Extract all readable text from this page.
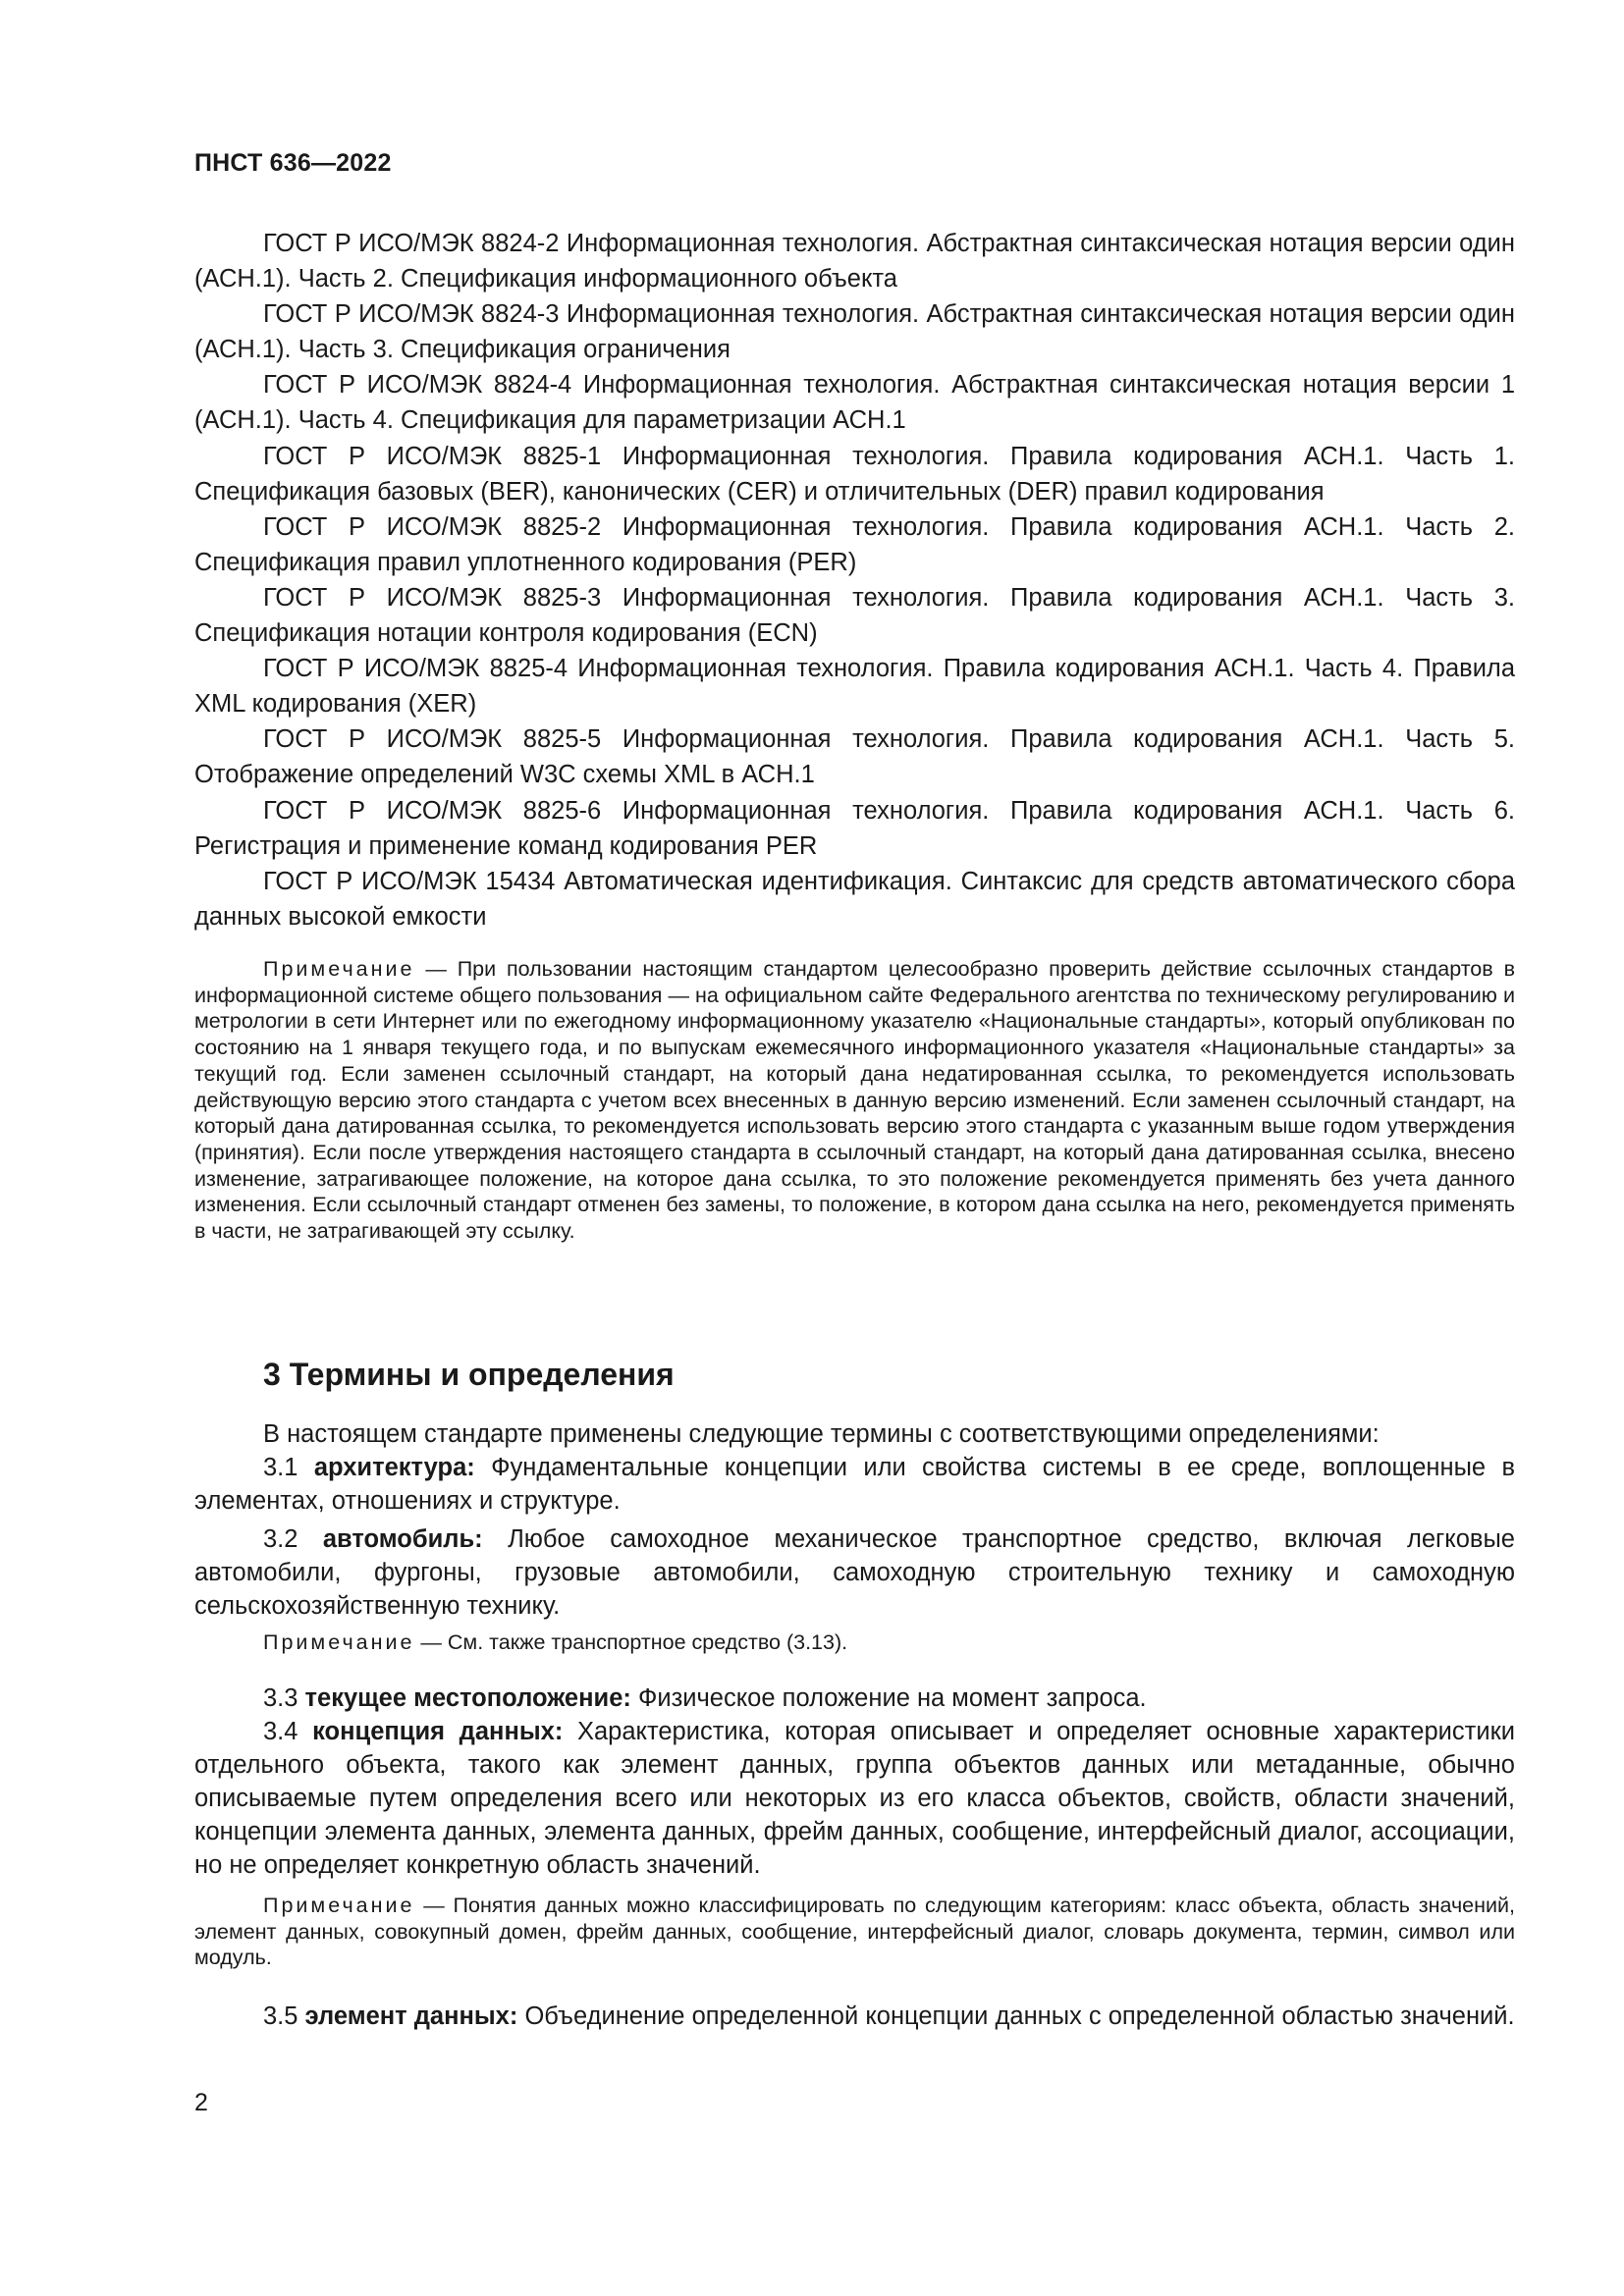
ПНСТ 636—2022

ГОСТ Р ИСО/МЭК 8824-2 Информационная технология. Абстрактная синтаксическая нотация версии один (АСН.1). Часть 2. Спецификация информационного объекта

ГОСТ Р ИСО/МЭК 8824-3 Информационная технология. Абстрактная синтаксическая нотация версии один (АСН.1). Часть 3. Спецификация ограничения

ГОСТ Р ИСО/МЭК 8824-4 Информационная технология. Абстрактная синтаксическая нотация версии 1 (АСН.1). Часть 4. Спецификация для параметризации АСН.1

ГОСТ Р ИСО/МЭК 8825-1 Информационная технология. Правила кодирования АСН.1. Часть 1. Спецификация базовых (BER), канонических (CER) и отличительных (DER) правил кодирования

ГОСТ Р ИСО/МЭК 8825-2 Информационная технология. Правила кодирования АСН.1. Часть 2. Спецификация правил уплотненного кодирования (PER)

ГОСТ Р ИСО/МЭК 8825-3 Информационная технология. Правила кодирования АСН.1. Часть 3. Спецификация нотации контроля кодирования (ECN)

ГОСТ Р ИСО/МЭК 8825-4 Информационная технология. Правила кодирования АСН.1. Часть 4. Правила XML кодирования (XER)

ГОСТ Р ИСО/МЭК 8825-5 Информационная технология. Правила кодирования АСН.1. Часть 5. Отображение определений W3C схемы XML в АСН.1

ГОСТ Р ИСО/МЭК 8825-6 Информационная технология. Правила кодирования АСН.1. Часть 6. Регистрация и применение команд кодирования PER

ГОСТ Р ИСО/МЭК 15434 Автоматическая идентификация. Синтаксис для средств автоматического сбора данных высокой емкости

Примечание — При пользовании настоящим стандартом целесообразно проверить действие ссылочных стандартов в информационной системе общего пользования — на официальном сайте Федерального агентства по техническому регулированию и метрологии в сети Интернет или по ежегодному информационному указателю «Национальные стандарты», который опубликован по состоянию на 1 января текущего года, и по выпускам ежемесячного информационного указателя «Национальные стандарты» за текущий год. Если заменен ссылочный стандарт, на который дана недатированная ссылка, то рекомендуется использовать действующую версию этого стандарта с учетом всех внесенных в данную версию изменений. Если заменен ссылочный стандарт, на который дана датированная ссылка, то рекомендуется использовать версию этого стандарта с указанным выше годом утверждения (принятия). Если после утверждения настоящего стандарта в ссылочный стандарт, на который дана датированная ссылка, внесено изменение, затрагивающее положение, на которое дана ссылка, то это положение рекомендуется применять без учета данного изменения. Если ссылочный стандарт отменен без замены, то положение, в котором дана ссылка на него, рекомендуется применять в части, не затрагивающей эту ссылку.

3 Термины и определения

В настоящем стандарте применены следующие термины с соответствующими определениями:

3.1 архитектура: Фундаментальные концепции или свойства системы в ее среде, воплощенные в элементах, отношениях и структуре.

3.2 автомобиль: Любое самоходное механическое транспортное средство, включая легковые автомобили, фургоны, грузовые автомобили, самоходную строительную технику и самоходную сельскохозяйственную технику.

Примечание — См. также транспортное средство (3.13).

3.3 текущее местоположение: Физическое положение на момент запроса.

3.4 концепция данных: Характеристика, которая описывает и определяет основные характеристики отдельного объекта, такого как элемент данных, группа объектов данных или метаданные, обычно описываемые путем определения всего или некоторых из его класса объектов, свойств, области значений, концепции элемента данных, элемента данных, фрейм данных, сообщение, интерфейсный диалог, ассоциации, но не определяет конкретную область значений.

Примечание — Понятия данных можно классифицировать по следующим категориям: класс объекта, область значений, элемент данных, совокупный домен, фрейм данных, сообщение, интерфейсный диалог, словарь документа, термин, символ или модуль.

3.5 элемент данных: Объединение определенной концепции данных с определенной областью значений.

2
